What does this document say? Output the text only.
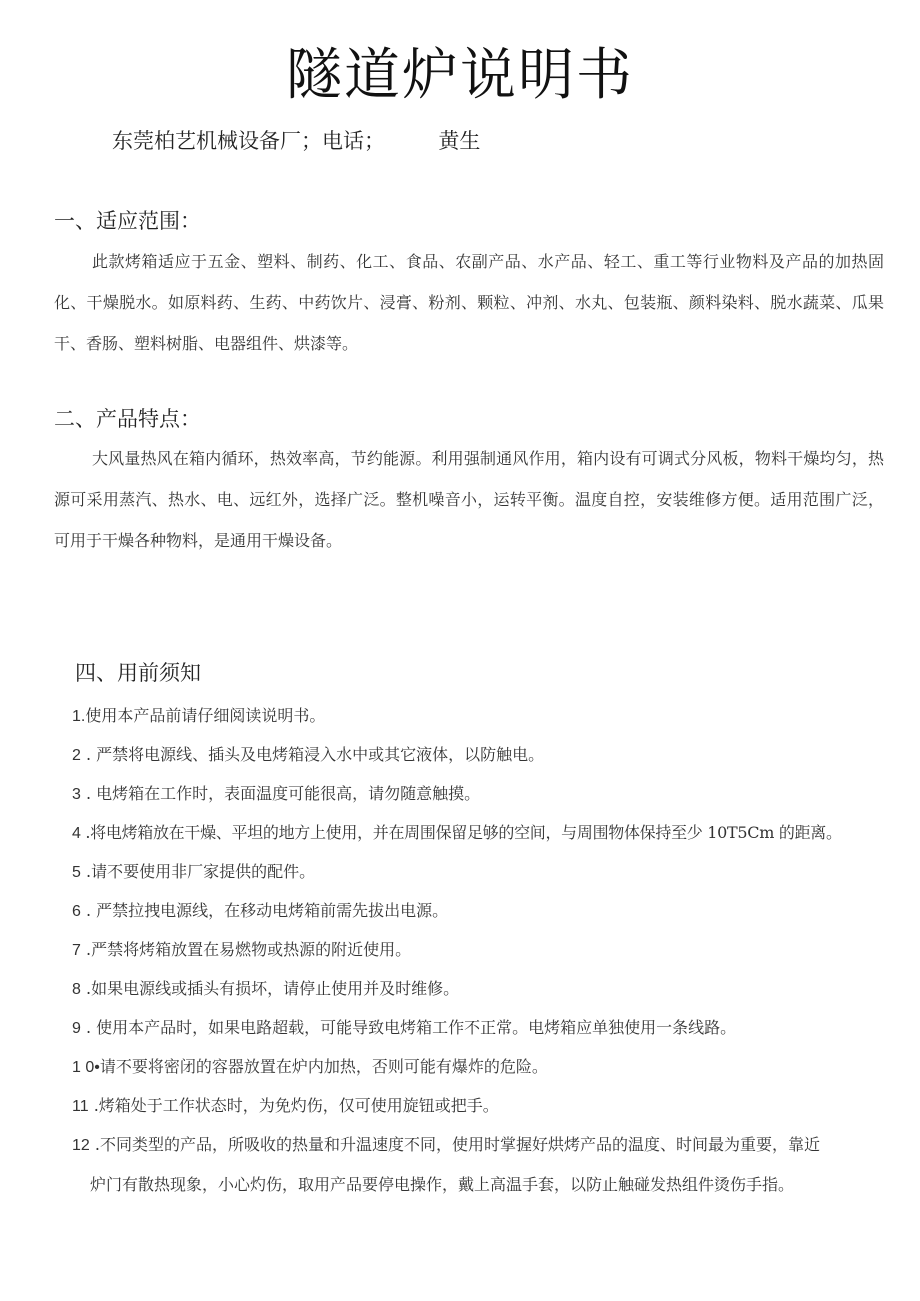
隧道炉说明书
东莞柏艺机械设备厂；电话；        黄生
一、适应范围：
此款烤箱适应于五金、塑料、制药、化工、食品、农副产品、水产品、轻工、重工等行业物料及产品的加热固化、干燥脱水。如原料药、生药、中药饮片、浸膏、粉剂、颗粒、冲剂、水丸、包装瓶、颜料染料、脱水蔬菜、瓜果干、香肠、塑料树脂、电器组件、烘漆等。
二、产品特点：
大风量热风在箱内循环，热效率高，节约能源。利用强制通风作用，箱内设有可调式分风板，物料干燥均匀，热源可采用蒸汽、热水、电、远红外，选择广泛。整机噪音小，运转平衡。温度自控，安装维修方便。适用范围广泛，可用于干燥各种物料，是通用干燥设备。
四、用前须知
1.使用本产品前请仔细阅读说明书。
2 . 严禁将电源线、插头及电烤箱浸入水中或其它液体，以防触电。
3 . 电烤箱在工作时，表面温度可能很高，请勿随意触摸。
4 .将电烤箱放在干燥、平坦的地方上使用，并在周围保留足够的空间，与周围物体保持至少 10T5Cm 的距离。
5 .请不要使用非厂家提供的配件。
6 . 严禁拉拽电源线，在移动电烤箱前需先拔出电源。
7 .严禁将烤箱放置在易燃物或热源的附近使用。
8 .如果电源线或插头有损坏，请停止使用并及时维修。
9 . 使用本产品时，如果电路超载，可能导致电烤箱工作不正常。电烤箱应单独使用一条线路。
1 0•请不要将密闭的容器放置在炉内加热，否则可能有爆炸的危险。
11 .烤箱处于工作状态时，为免灼伤，仅可使用旋钮或把手。
12 .不同类型的产品，所吸收的热量和升温速度不同，使用时掌握好烘烤产品的温度、时间最为重要，靠近
炉门有散热现象，小心灼伤，取用产品要停电操作，戴上高温手套，以防止触碰发热组件烫伤手指。
